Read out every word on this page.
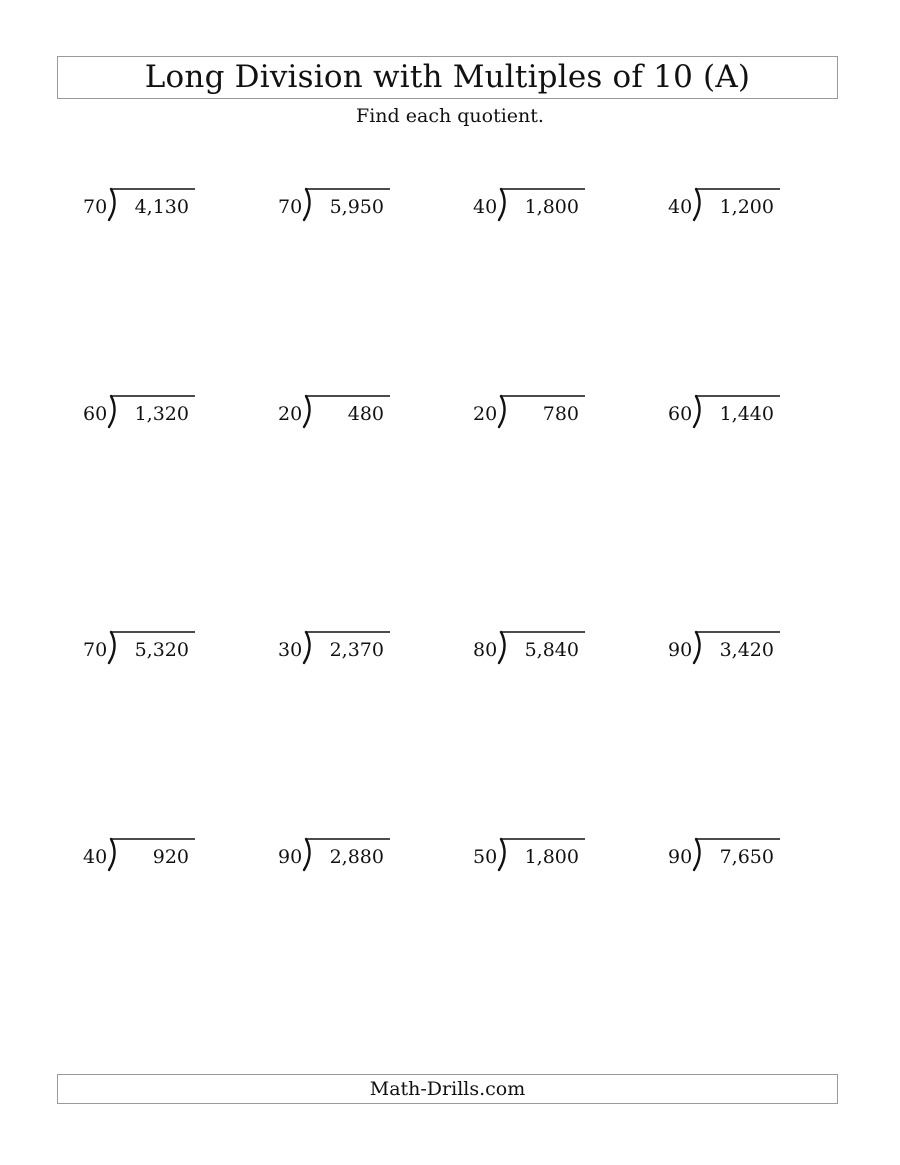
Long Division with Multiples of 10 (A)
Find each quotient.
70	4,130	70	5,950	40	1,800	40	1,200
60	1,320	20	480	20	780	60	1,440
70	5,320	30	2,370	80	5,840	90	3,420
40	920	90	2,880	50	1,800	90	7,650
Math-Drills.com
